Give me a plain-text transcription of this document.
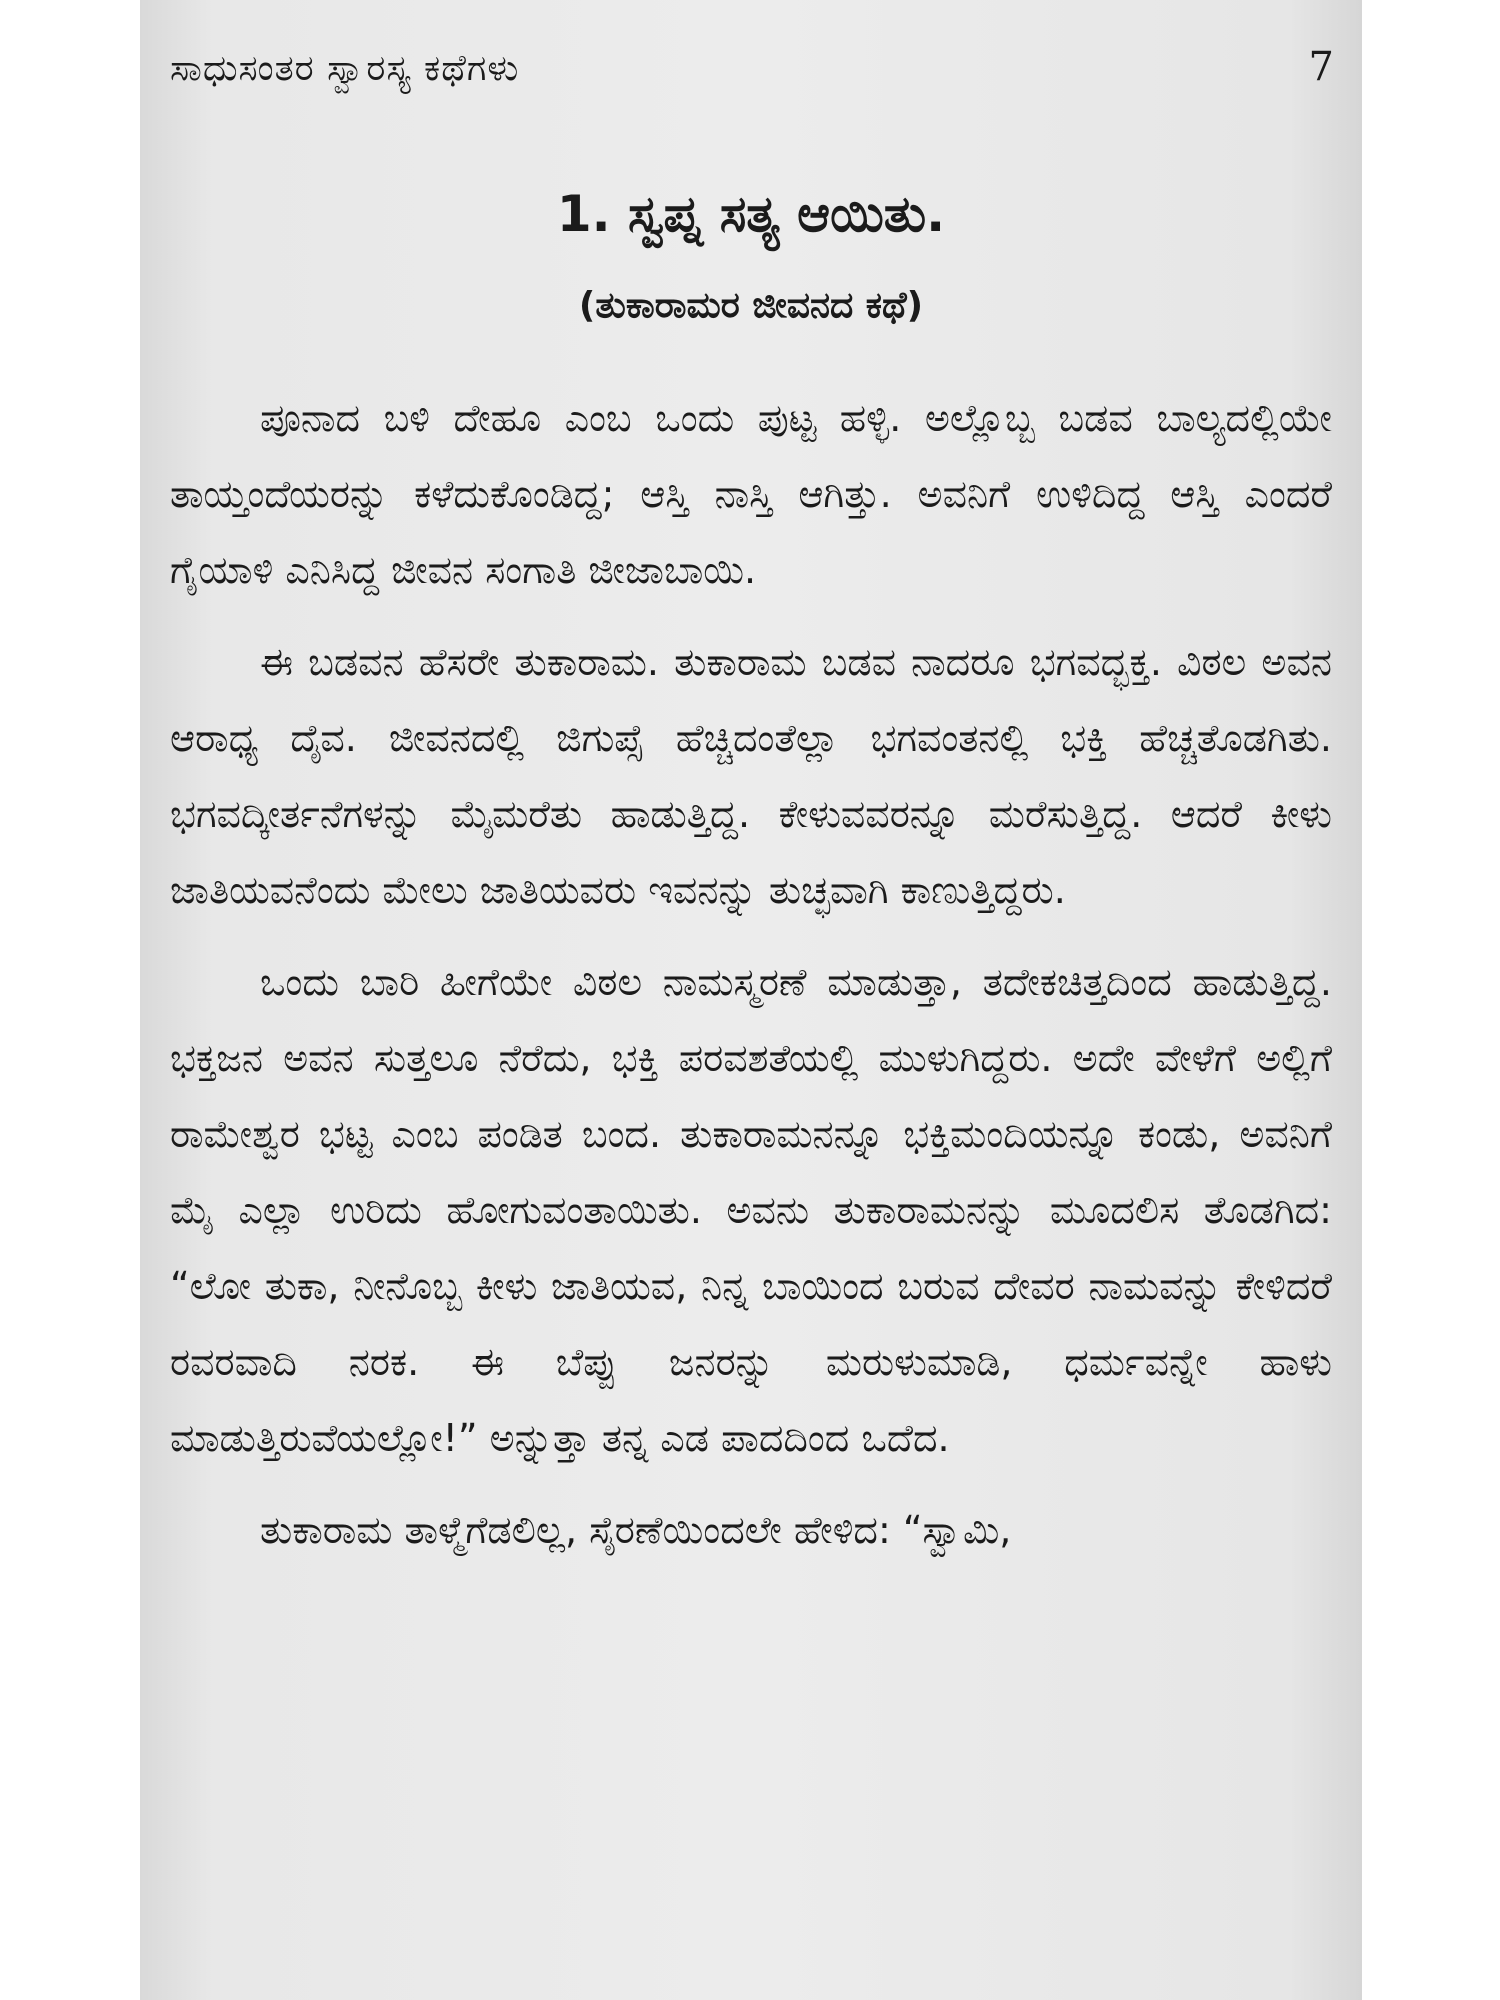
ಸಾಧುಸಂತರ ಸ್ವಾರಸ್ಯ ಕಥೆಗಳು	7
1. ಸ್ವಪ್ನ ಸತ್ಯ ಆಯಿತು.
(ತುಕಾರಾಮರ ಜೀವನದ ಕಥೆ)

ಪೂನಾದ ಬಳಿ ದೇಹೂ ಎಂಬ ಒಂದು ಪುಟ್ಟ ಹಳ್ಳಿ. ಅಲ್ಲೊಬ್ಬ ಬಡವ ಬಾಲ್ಯದಲ್ಲಿಯೇ ತಾಯ್ತಂದೆಯರನ್ನು ಕಳೆದುಕೊಂಡಿದ್ದ; ಆಸ್ತಿ ನಾಸ್ತಿ ಆಗಿತ್ತು. ಅವನಿಗೆ ಉಳಿದಿದ್ದ ಆಸ್ತಿ ಎಂದರೆ ಗೈಯಾಳಿ ಎನಿಸಿದ್ದ ಜೀವನ ಸಂಗಾತಿ ಜೀಜಾಬಾಯಿ.

ಈ ಬಡವನ ಹೆಸರೇ ತುಕಾರಾಮ. ತುಕಾರಾಮ ಬಡವ ನಾದರೂ ಭಗವದ್ಭಕ್ತ. ವಿಠಲ ಅವನ ಆರಾಧ್ಯ ದೈವ. ಜೀವನದಲ್ಲಿ ಜಿಗುಪ್ಸೆ ಹೆಚ್ಚಿದಂತೆಲ್ಲಾ ಭಗವಂತನಲ್ಲಿ ಭಕ್ತಿ ಹೆಚ್ಚತೊಡಗಿತು. ಭಗವದ್ಕೀರ್ತನೆಗಳನ್ನು ಮೈಮರೆತು ಹಾಡುತ್ತಿದ್ದ. ಕೇಳುವವರನ್ನೂ ಮರೆಸುತ್ತಿದ್ದ. ಆದರೆ ಕೀಳು ಜಾತಿಯವನೆಂದು ಮೇಲು ಜಾತಿಯವರು ಇವನನ್ನು ತುಚ್ಛವಾಗಿ ಕಾಣುತ್ತಿದ್ದರು.

ಒಂದು ಬಾರಿ ಹೀಗೆಯೇ ವಿಠಲ ನಾಮಸ್ಮರಣೆ ಮಾಡುತ್ತಾ, ತದೇಕಚಿತ್ತದಿಂದ ಹಾಡುತ್ತಿದ್ದ. ಭಕ್ತಜನ ಅವನ ಸುತ್ತಲೂ ನೆರೆದು, ಭಕ್ತಿ ಪರವಶತೆಯಲ್ಲಿ ಮುಳುಗಿದ್ದರು. ಅದೇ ವೇಳೆಗೆ ಅಲ್ಲಿಗೆ ರಾಮೇಶ್ವರ ಭಟ್ಟ ಎಂಬ ಪಂಡಿತ ಬಂದ. ತುಕಾರಾಮನನ್ನೂ ಭಕ್ತಿಮಂದಿಯನ್ನೂ ಕಂಡು, ಅವನಿಗೆ ಮೈ ಎಲ್ಲಾ ಉರಿದು ಹೋಗುವಂತಾಯಿತು. ಅವನು ತುಕಾರಾಮನನ್ನು ಮೂದಲಿಸ ತೊಡಗಿದ: “ಲೋ ತುಕಾ, ನೀನೊಬ್ಬ ಕೀಳು ಜಾತಿಯವ, ನಿನ್ನ ಬಾಯಿಂದ ಬರುವ ದೇವರ ನಾಮವನ್ನು ಕೇಳಿದರೆ ರವರವಾದಿ ನರಕ. ಈ ಬೆಪ್ಪು ಜನರನ್ನು ಮರುಳುಮಾಡಿ, ಧರ್ಮವನ್ನೇ ಹಾಳು ಮಾಡುತ್ತಿರುವೆಯಲ್ಲೋ!” ಅನ್ನುತ್ತಾ ತನ್ನ ಎಡ ಪಾದದಿಂದ ಒದೆದ.

ತುಕಾರಾಮ ತಾಳ್ಮೆಗೆಡಲಿಲ್ಲ, ಸೈರಣೆಯಿಂದಲೇ ಹೇಳಿದ: “ಸ್ವಾಮಿ,
